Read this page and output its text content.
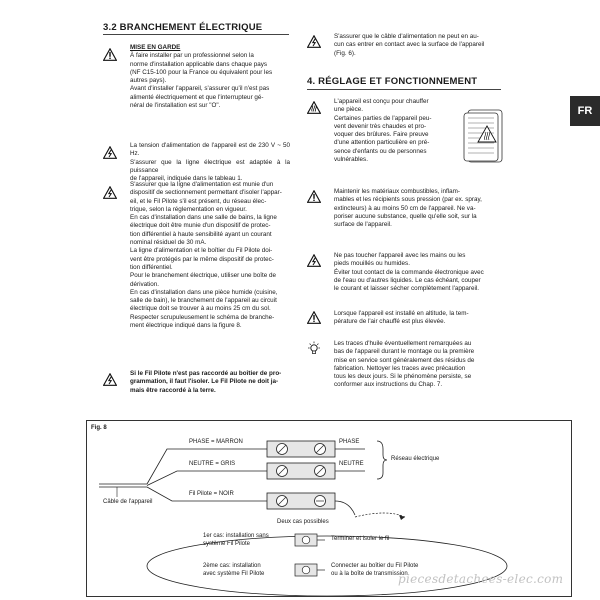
3.2 BRANCHEMENT ÉLECTRIQUE

MISE EN GARDE

À faire installer par un professionnel selon la

norme d'installation applicable dans chaque pays

(NF C15-100 pour la France ou équivalent pour les

autres pays).

Avant d'installer l'appareil, s'assurer qu'il n'est pas

alimenté électriquement et que l'interrupteur gé-

néral de l'installation est sur "O".

La tension d'alimentation de l'appareil est de 230 V ~ 50 Hz.

S'assurer que la ligne électrique est adaptée à la puissance

de l'appareil, indiquée dans le tableau 1.

S'assurer que la ligne d'alimentation est munie d'un

dispositif de sectionnement permettant d'isoler l'appar-

eil, et le Fil Pilote s'il est présent, du réseau élec-

trique, selon la réglementation en vigueur.

En cas d'installation dans une salle de bains, la ligne

électrique doit être munie d'un dispositif de protec-

tion différentiel à haute sensibilité ayant un courant

nominal résiduel de 30 mA.

La ligne d'alimentation et le boîtier du Fil Pilote doi-

vent être protégés par le même dispositif de protec-

tion différentiel.

Pour le branchement électrique, utiliser une boîte de

dérivation.

En cas d'installation dans une pièce humide (cuisine,

salle de bain), le branchement de l'appareil au circuit

électrique doit se trouver à au moins 25 cm du sol.

Respecter scrupuleusement le schéma de branche-

ment électrique indiqué dans la figure 8.

Si le Fil Pilote n'est pas raccordé au boîtier de pro-

grammation, il faut l'isoler. Le Fil Pilote ne doit ja-

mais être raccordé à la terre.

S'assurer que le câble d'alimentation ne peut en au-

cun cas entrer en contact avec la surface de l'appareil

(Fig. 6).

4. RÉGLAGE ET FONCTIONNEMENT
FR

L'appareil est conçu pour chauffer

une pièce.

Certaines parties de l'appareil peu-

vent devenir très chaudes et pro-

voquer des brûlures. Faire preuve

d'une attention particulière en pré-

sence d'enfants ou de personnes

vulnérables.

Maintenir les matériaux combustibles, inflam-

mables et les récipients sous pression (par ex. spray,

extincteurs) à au moins 50 cm de l'appareil. Ne va-

poriser aucune substance, quelle qu'elle soit, sur la

surface de l'appareil.

Ne pas toucher l'appareil avec les mains ou les

pieds mouillés ou humides.

Éviter tout contact de la commande électronique avec

de l'eau ou d'autres liquides. Le cas échéant, couper

le courant et laisser sécher complètement l'appareil.

Lorsque l'appareil est installé en altitude, la tem-

pérature de l'air chauffé est plus élevée.

Les traces d'huile éventuellement remarquées au

bas de l'appareil durant le montage ou la première

mise en service sont généralement des résidus de

fabrication. Nettoyer les traces avec précaution

tous les deux jours. Si le phénomène persiste, se

conformer aux instructions du Chap. 7.

Fig. 8
PHASE = MARRON
NEUTRE = GRIS
Fil Pilote = NOIR
PHASE
NEUTRE
Réseau électrique
Câble de l'appareil
Deux cas possibles
1er cas: installation sans
système Fil Pilote
Terminer et isoler le fil
2ème cas: installation
avec système Fil Pilote
Connecter au boîtier du Fil Pilote
ou à la boîte de transmission
piecesdetachees-elec.com
